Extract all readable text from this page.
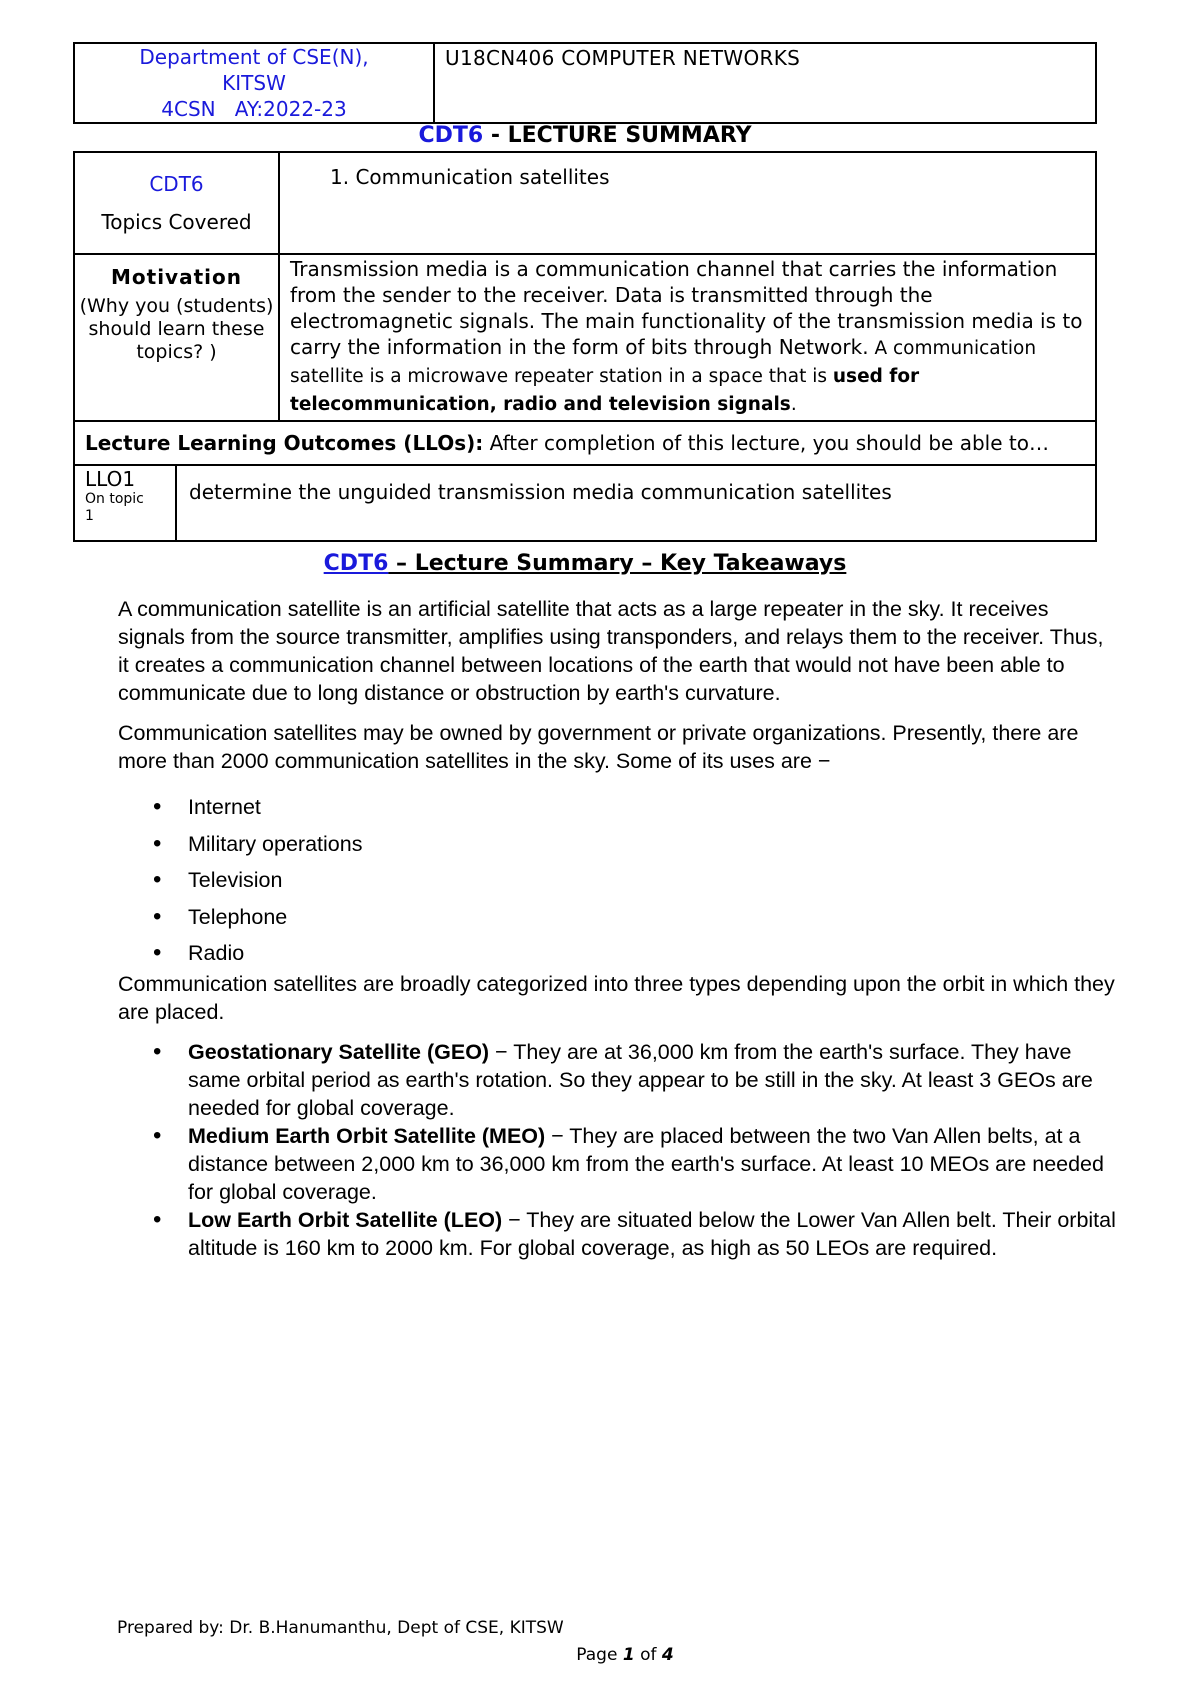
Department of CSE(N),
KITSW
4CSN AY:2022-23
	U18CN406 COMPUTER NETWORKS
CDT6 - LECTURE SUMMARY
CDT6
Topics Covered
	1. Communication satellites

Motivation
(Why you (students) should learn these topics? )
	Transmission media is a communication channel that carries the information from the sender to the receiver. Data is transmitted through the electromagnetic signals. The main functionality of the transmission media is to carry the information in the form of bits through Network. A communication satellite is a microwave repeater station in a space that is used for telecommunication, radio and television signals.
Lecture Learning Outcomes (LLOs): After completion of this lecture, you should be able to…

LLO1
On topic
1
	determine the unguided transmission media communication satellites
CDT6 – Lecture Summary – Key Takeaways

A communication satellite is an artificial satellite that acts as a large repeater in the sky. It receives signals from the source transmitter, amplifies using transponders, and relays them to the receiver. Thus, it creates a communication channel between locations of the earth that would not have been able to communicate due to long distance or obstruction by earth's curvature.

Communication satellites may be owned by government or private organizations. Presently, there are more than 2000 communication satellites in the sky. Some of its uses are −

• Internet
• Military operations
• Television
• Telephone
• Radio

Communication satellites are broadly categorized into three types depending upon the orbit in which they are placed.

• Geostationary Satellite (GEO) − They are at 36,000 km from the earth's surface. They have same orbital period as earth's rotation. So they appear to be still in the sky. At least 3 GEOs are needed for global coverage.
• Medium Earth Orbit Satellite (MEO) − They are placed between the two Van Allen belts, at a distance between 2,000 km to 36,000 km from the earth's surface. At least 10 MEOs are needed for global coverage.
• Low Earth Orbit Satellite (LEO) − They are situated below the Lower Van Allen belt. Their orbital altitude is 160 km to 2000 km. For global coverage, as high as 50 LEOs are required.
Prepared by: Dr. B.Hanumanthu, Dept of CSE, KITSW
Page 1 of 4
